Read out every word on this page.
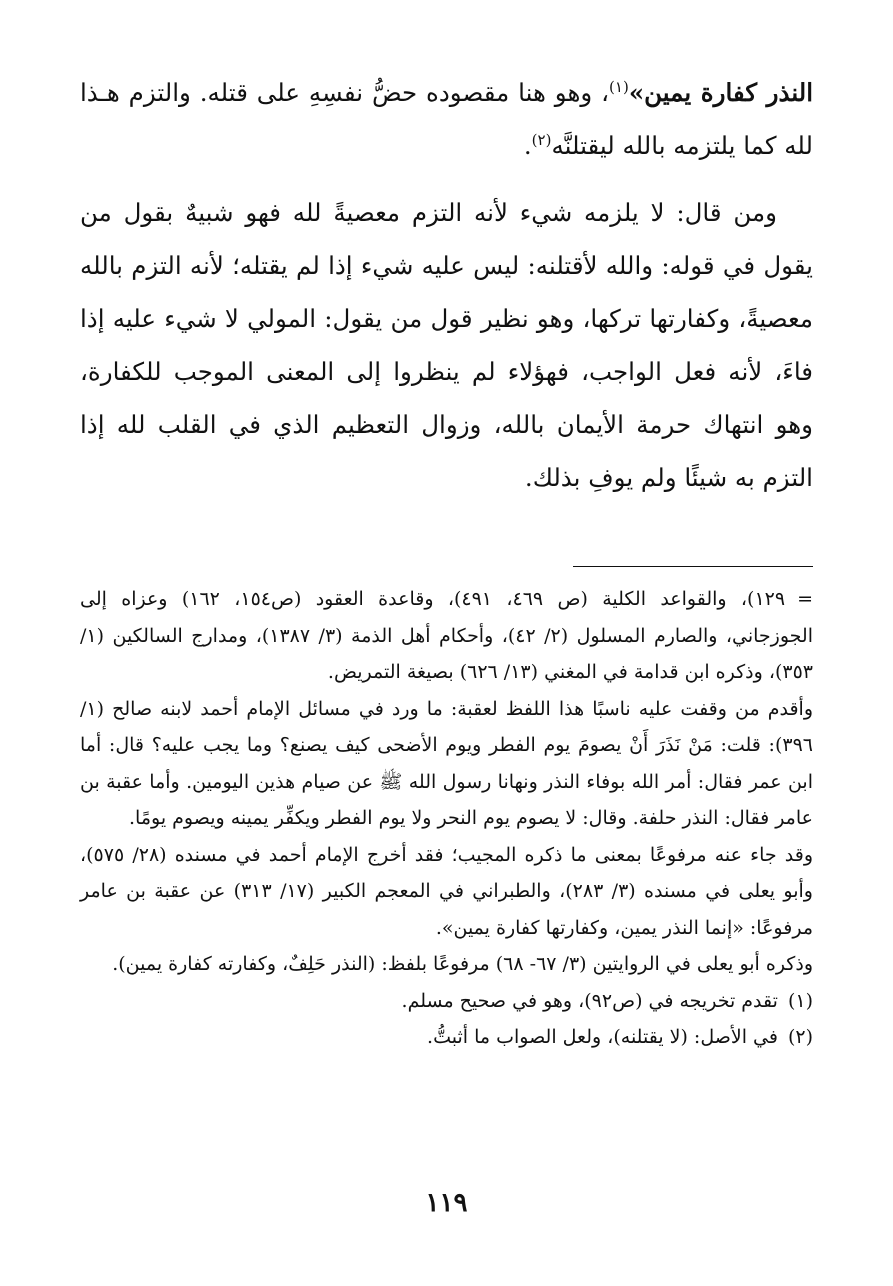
النذر كفارة يمين»$^{(١)}$، وهو هنا مقصوده حضُّ نفسِهِ على قتله. والتزم هـذا لله كما يلتزمه بالله ليقتلنَّه$^{(٢)}$.

ومن قال: لا يلزمه شيء لأنه التزم معصيةً لله فهو شبيهٌ بقول من يقول في قوله: والله لأقتلنه: ليس عليه شيء إذا لم يقتله؛ لأنه التزم بالله معصيةً، وكفارتها تركها، وهو نظير قول من يقول: المولي لا شيء عليه إذا فاءَ، لأنه فعل الواجب، فهؤلاء لم ينظروا إلى المعنى الموجب للكفارة، وهو انتهاك حرمة الأيمان بالله، وزوال التعظيم الذي في القلب لله إذا التزم به شيئًا ولم يوفِ بذلك.

=
١٢٩)، والقواعد الكلية (ص ٤٦٩، ٤٩١)، وقاعدة العقود (ص١٥٤، ١٦٢) وعزاه إلى الجوزجاني، والصارم المسلول (٢/ ٤٢)، وأحكام أهل الذمة (٣/ ١٣٨٧)، ومدارج السالكين (١/ ٣٥٣)، وذكره ابن قدامة في المغني (١٣/ ٦٢٦) بصيغة التمريض.

وأقدم من وقفت عليه ناسبًا هذا اللفظ لعقبة: ما ورد في مسائل الإمام أحمد لابنه صالح (١/ ٣٩٦): قلت: مَنْ نَذَرَ أَنْ يصومَ يوم الفطر ويوم الأضحى كيف يصنع؟ وما يجب عليه؟ قال: أما ابن عمر فقال: أمر الله بوفاء النذر ونهانا رسول الله ﷺ عن صيام هذين اليومين. وأما عقبة بن عامر فقال: النذر حلفة. وقال: لا يصوم يوم النحر ولا يوم الفطر ويكفِّر يمينه ويصوم يومًا.

وقد جاء عنه مرفوعًا بمعنى ما ذكره المجيب؛ فقد أخرج الإمام أحمد في مسنده (٢٨/ ٥٧٥)، وأبو يعلى في مسنده (٣/ ٢٨٣)، والطبراني في المعجم الكبير (١٧/ ٣١٣) عن عقبة بن عامر مرفوعًا: «إنما النذر يمين، وكفارتها كفارة يمين».

وذكره أبو يعلى في الروايتين (٣/ ٦٧- ٦٨) مرفوعًا بلفظ: (النذر حَلِفٌ، وكفارته كفارة يمين).

(١)
تقدم تخريجه في (ص٩٢)، وهو في صحيح مسلم.
(٢)
في الأصل: (لا يقتلنه)، ولعل الصواب ما أثبتُّ.
١١٩
